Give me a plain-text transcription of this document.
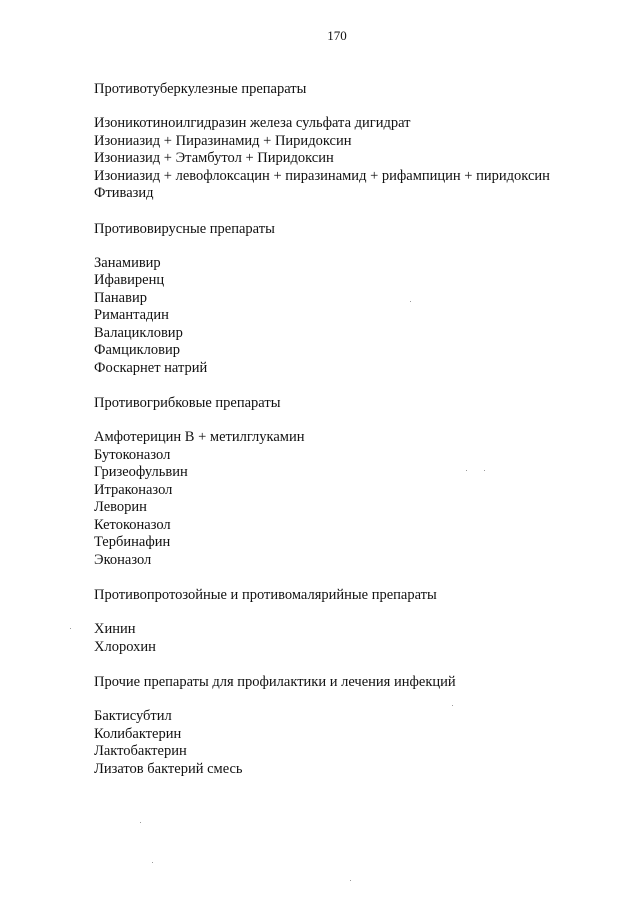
170
Противотуберкулезные препараты
Изоникотиноилгидразин железа сульфата дигидрат
Изониазид + Пиразинамид + Пиридоксин
Изониазид + Этамбутол + Пиридоксин
Изониазид + левофлоксацин + пиразинамид + рифампицин + пиридоксин
Фтивазид
Противовирусные препараты
Занамивир
Ифавиренц
Панавир
Римантадин
Валацикловир
Фамцикловир
Фоскарнет натрий
Противогрибковые препараты
Амфотерицин В + метилглукамин
Бутоконазол
Гризеофульвин
Итраконазол
Леворин
Кетоконазол
Тербинафин
Эконазол
Противопротозойные и противомалярийные препараты
Хинин
Хлорохин
Прочие препараты для профилактики и лечения инфекций
Бактисубтил
Колибактерин
Лактобактерин
Лизатов бактерий смесь
